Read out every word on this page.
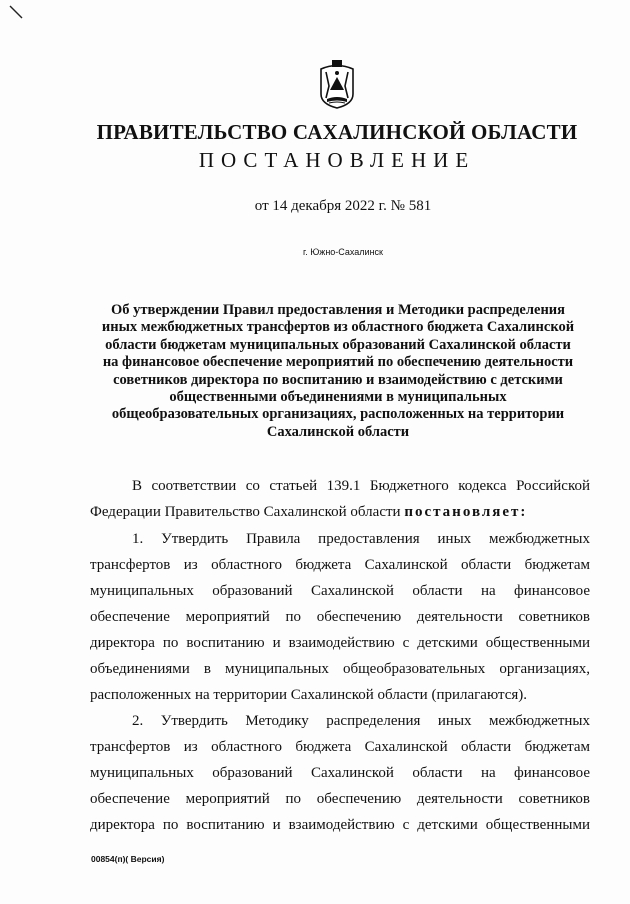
ПРАВИТЕЛЬСТВО САХАЛИНСКОЙ ОБЛАСТИ
ПОСТАНОВЛЕНИЕ
от 14 декабря 2022 г. № 581
г. Южно-Сахалинск
Об утверждении Правил предоставления и Методики распределения
иных межбюджетных трансфертов из областного бюджета Сахалинской
области бюджетам муниципальных образований Сахалинской области
на финансовое обеспечение мероприятий по обеспечению деятельности
советников директора по воспитанию и взаимодействию с детскими
общественными объединениями в муниципальных
общеобразовательных организациях, расположенных на территории
Сахалинской области
В соответствии со статьей 139.1 Бюджетного кодекса Российской
Федерации Правительство Сахалинской области постановляет:
1. Утвердить Правила предоставления иных межбюджетных
трансфертов из областного бюджета Сахалинской области бюджетам
муниципальных образований Сахалинской области на финансовое
обеспечение мероприятий по обеспечению деятельности советников
директора по воспитанию и взаимодействию с детскими общественными
объединениями в муниципальных общеобразовательных организациях,
расположенных на территории Сахалинской области (прилагаются).
2. Утвердить Методику распределения иных межбюджетных
трансфертов из областного бюджета Сахалинской области бюджетам
муниципальных образований Сахалинской области на финансовое
обеспечение мероприятий по обеспечению деятельности советников
директора по воспитанию и взаимодействию с детскими общественными
00854(п)( Версия)
